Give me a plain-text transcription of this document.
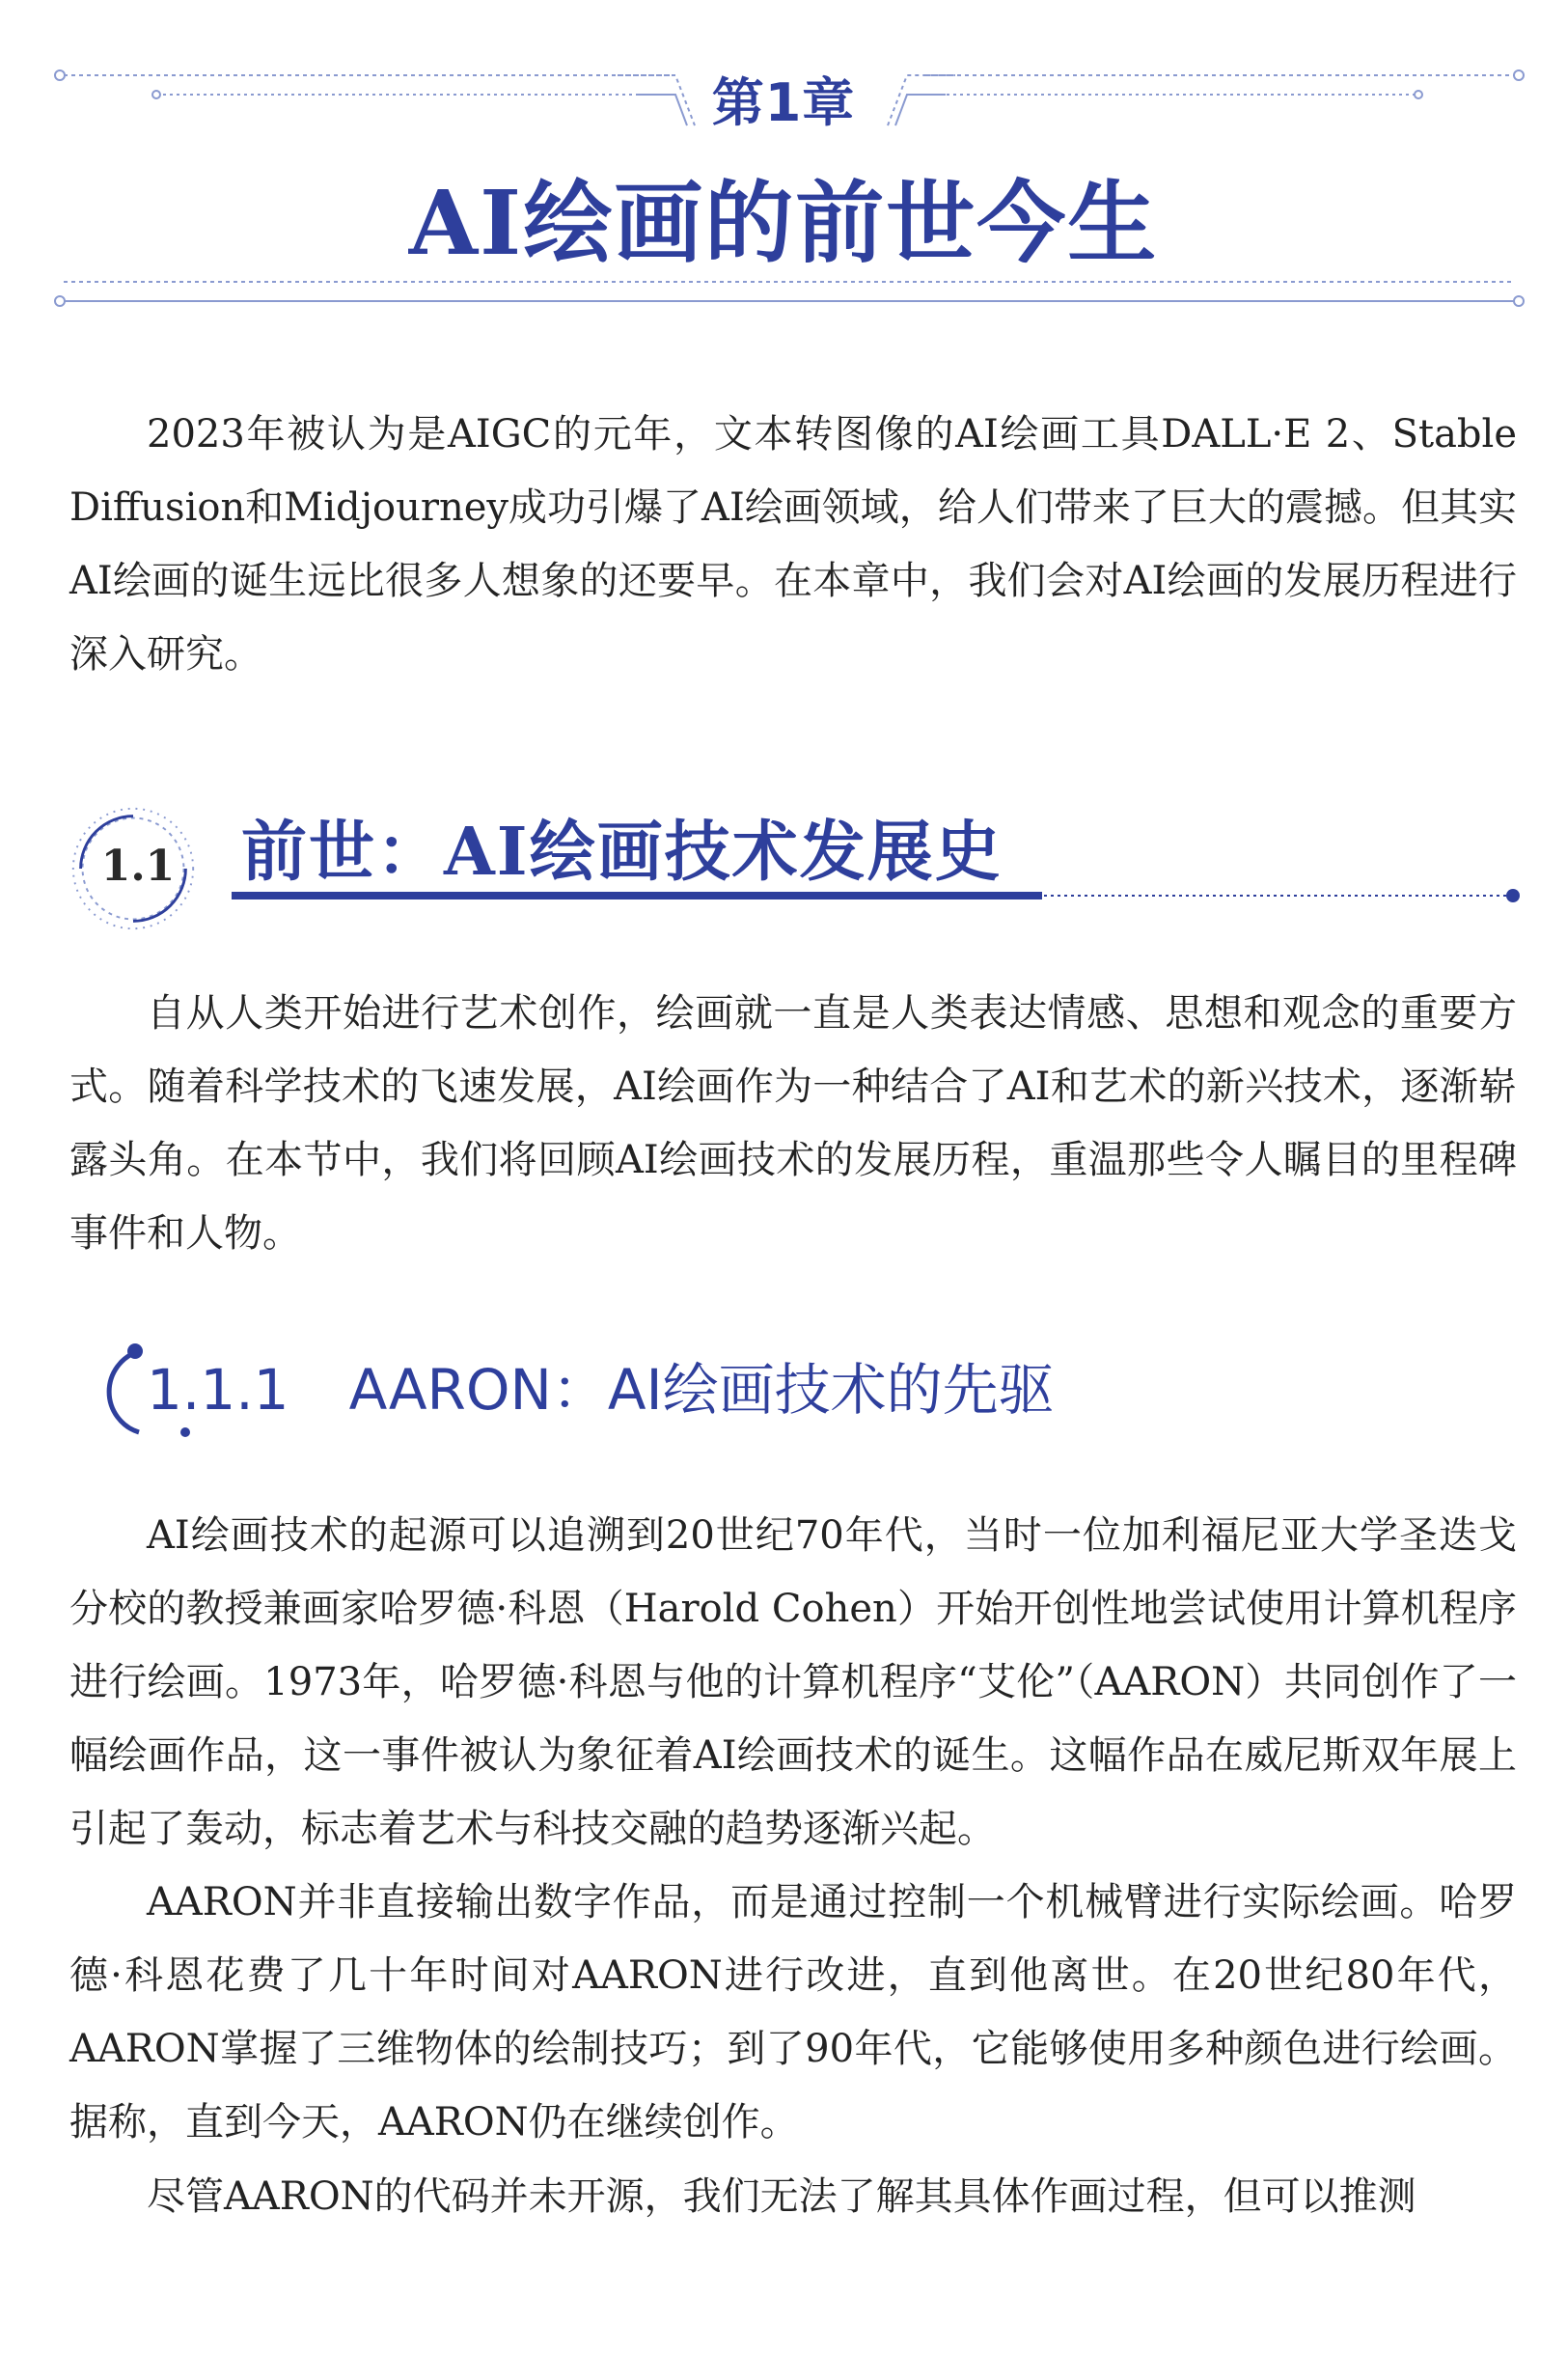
第1章
AI绘画的前世今生

2023年被认为是AIGC的元年，文本转图像的AI绘画工具DALL·E 2、Stable Diffusion和Midjourney成功引爆了AI绘画领域，给人们带来了巨大的震撼。但其实AI绘画的诞生远比很多人想象的还要早。在本章中，我们会对AI绘画的发展历程进行深入研究。

1.1	前世：AI绘画技术发展史

自从人类开始进行艺术创作，绘画就一直是人类表达情感、思想和观念的重要方式。随着科学技术的飞速发展，AI绘画作为一种结合了AI和艺术的新兴技术，逐渐崭露头角。在本节中，我们将回顾AI绘画技术的发展历程，重温那些令人瞩目的里程碑事件和人物。

1.1.1 AARON：AI绘画技术的先驱

AI绘画技术的起源可以追溯到20世纪70年代，当时一位加利福尼亚大学圣迭戈分校的教授兼画家哈罗德·科恩（Harold Cohen）开始开创性地尝试使用计算机程序进行绘画。1973年，哈罗德·科恩与他的计算机程序“艾伦”（AARON）共同创作了一幅绘画作品，这一事件被认为象征着AI绘画技术的诞生。这幅作品在威尼斯双年展上引起了轰动，标志着艺术与科技交融的趋势逐渐兴起。

AARON并非直接输出数字作品，而是通过控制一个机械臂进行实际绘画。哈罗德·科恩花费了几十年时间对AARON进行改进，直到他离世。在20世纪80年代，AARON掌握了三维物体的绘制技巧；到了90年代，它能够使用多种颜色进行绘画。据称，直到今天，AARON仍在继续创作。

尽管AARON的代码并未开源，我们无法了解其具体作画过程，但可以推测
